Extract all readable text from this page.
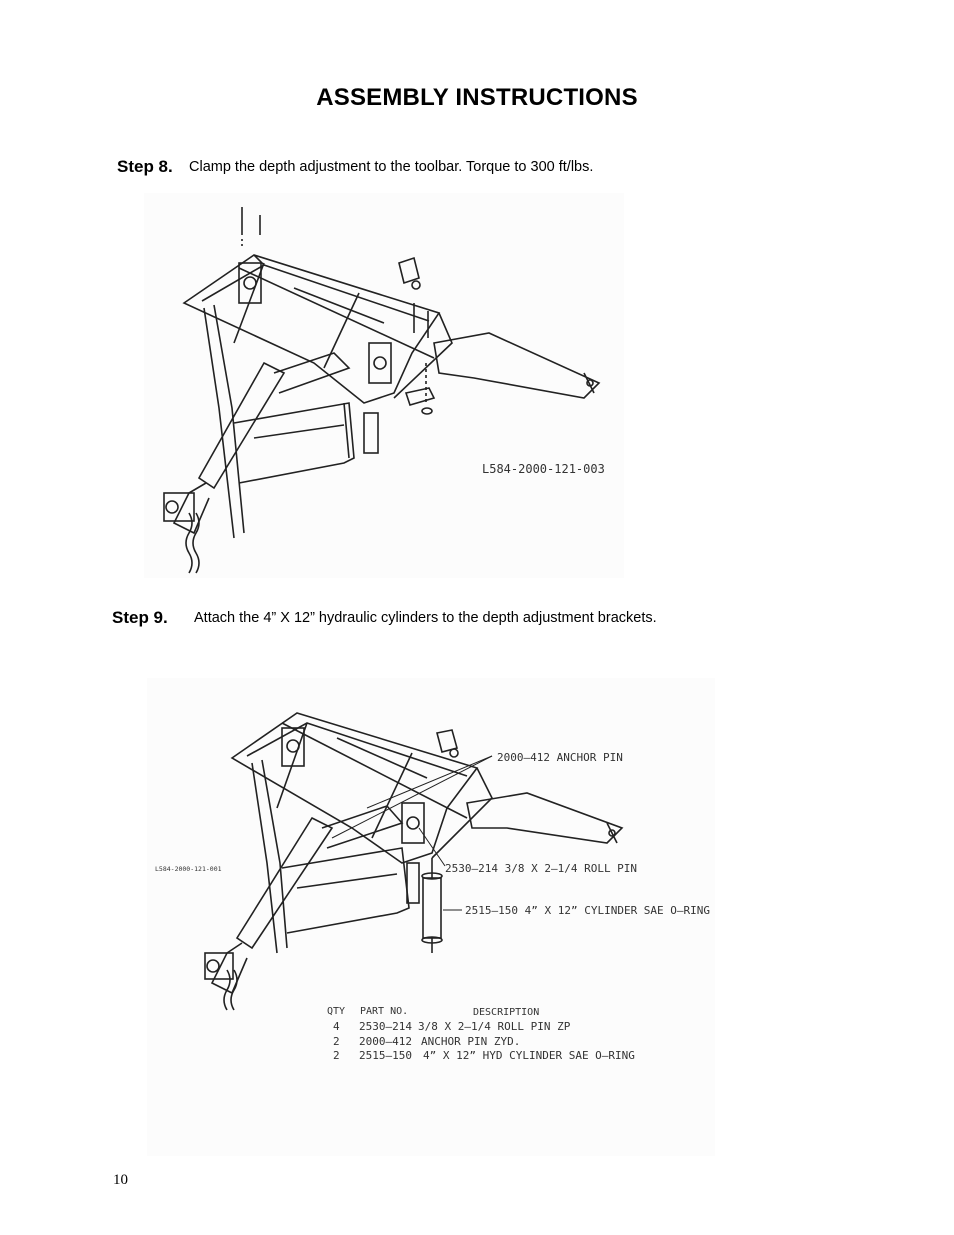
ASSEMBLY INSTRUCTIONS
Step 8. Clamp the depth adjustment to the toolbar. Torque to 300 ft/lbs.
L584-2000-121-003
Step 9. Attach the 4” X 12” hydraulic cylinders to the depth adjustment brackets.
L584-2000-121-001
2000–412 ANCHOR PIN
2530–214 3/8 X 2–1/4 ROLL PIN
2515–150 4” X 12” CYLINDER SAE O–RING
QTY PART NO.	DESCRIPTION
4 2530–214 3/8 X 2–1/4 ROLL PIN ZP
2 2000–412 ANCHOR PIN ZYD.
2 2515–150 4” X 12” HYD CYLINDER SAE O–RING
10
